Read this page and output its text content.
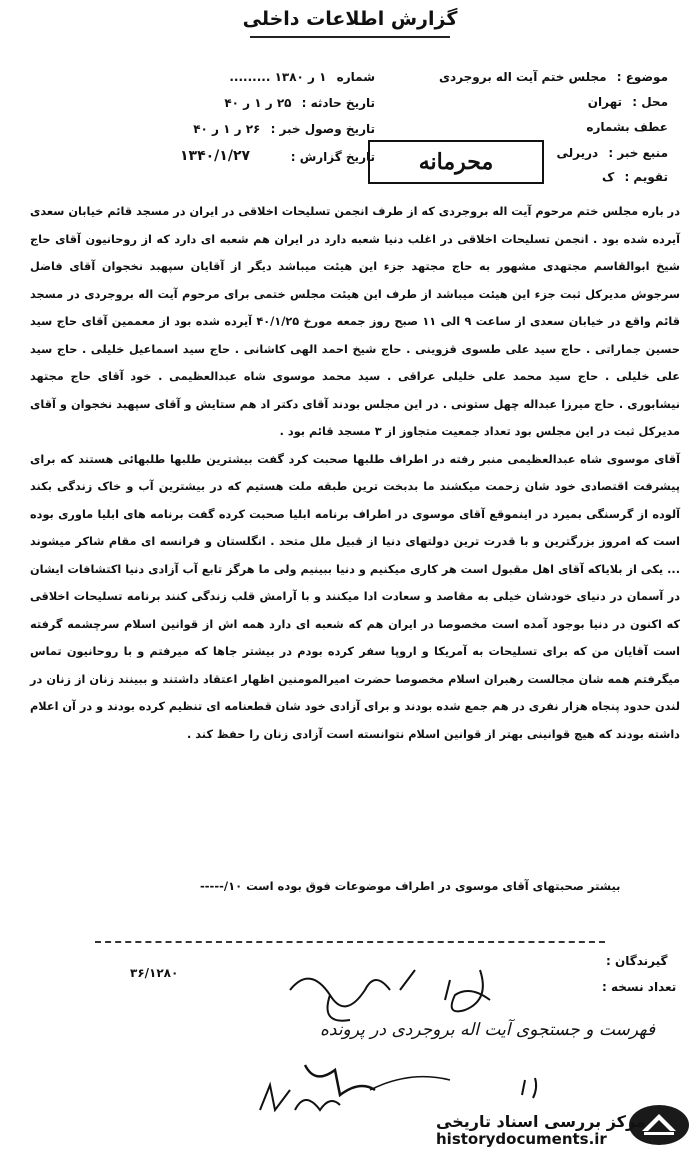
گزارش اطلاعات داخلی
موضوع : مجلس ختم آیت اله بروجردی
محل : تهران
عطف بشماره
منبع خبر : دریرلی
تقویم : ک
شماره ۱ ر ۱۳۸۰ .........
تاریخ حادثه : ۲۵ ر ۱ ر ۴۰
تاریخ وصول خبر : ۲۶ ر ۱ ر ۴۰
تاریخ گزارش :
۱۳۴۰/۱/۲۷	محرمانه

در باره مجلس ختم مرحوم آیت اله بروجردی که از طرف انجمن تسلیحات اخلاقی در ایران در مسجد قائم خیابان سعدی آیرده شده بود . انجمن تسلیحات اخلاقی در اغلب دنیا شعبه دارد در ایران هم شعبه ای دارد که از روحانیون آقای حاج شیخ ابوالقاسم مجتهدی مشهور به حاج مجتهد جزء این هیئت میباشد دیگر از آقایان سپهبد نخجوان آقای فاضل سرجوش مدیرکل ثبت جزء این هیئت میباشد از طرف این هیئت مجلس ختمی برای مرحوم آیت اله بروجردی در مسجد قائم واقع در خیابان سعدی از ساعت ۹ الی ۱۱ صبح روز جمعه مورخ ۴۰/۱/۲۵ آیرده شده بود از معممین آقای حاج سید حسین جماراتی . حاج سید علی طسوی قزوینی . حاج شیخ احمد الهی کاشانی . حاج سید اسماعیل خلیلی . حاج سید علی خلیلی . حاج سید محمد علی خلیلی عراقی . سید محمد موسوی شاه عبدالعظیمی . خود آقای حاج مجتهد نیشابوری . حاج میرزا عبداله چهل ستونی . در این مجلس بودند آقای دکتر اد هم ستایش و آقای سپهبد نخجوان و آقای مدیرکل ثبت در این مجلس بود تعداد جمعیت متجاوز از ۳ مسجد قائم بود .

آقای موسوی شاه عبدالعظیمی منبر رفته در اطراف طلبها صحبت کرد گفت بیشترین طلبها طلبهائی هستند که برای پیشرفت اقتصادی خود شان زحمت میکشند ما بدبخت ترین طبقه ملت هستیم که در بیشترین آب و خاک زندگی بکند آلوده از گرسنگی بمیرد در اینموقع آقای موسوی در اطراف برنامه ابلیا صحبت کرده گفت برنامه های ابلیا ماوری بوده است که امروز بزرگترین و با قدرت ترین دولتهای دنیا از قبیل ملل متحد . انگلستان و فرانسه ای مقام شاکر میشوند ... یکی از بلایاکه آقای اهل مقبول است هر کاری میکنیم و دنیا ببینیم ولی ما هرگز تابع آب آزادی دنیا اکتشافات ایشان در آسمان در دنیای خودشان خیلی به مقاصد و سعادت ادا میکنند و با آرامش قلب زندگی کنند برنامه تسلیحات اخلاقی که اکنون در دنیا بوجود آمده است مخصوصا در ایران هم که شعبه ای دارد همه اش از قوانین اسلام سرچشمه گرفته است آقایان من که برای تسلیحات به آمریکا و اروپا سفر کرده بودم در بیشتر جاها که میرفتم و با روحانیون تماس میگرفتم همه شان مجالست رهبران اسلام مخصوصا حضرت امیرالمومنین اظهار اعتقاد داشتند و ببینند زنان از زنان در لندن حدود پنجاه هزار نفری در هم جمع شده بودند و برای آزادی خود شان قطعنامه ای تنظیم کرده بودند و در آن اعلام داشته بودند که هیچ قوانینی بهتر از قوانین اسلام نتوانسته است آزادی زنان را حفظ کند .

بیشتر صحبتهای آقای موسوی در اطراف موضوعات فوق بوده است ۱۰/-----
گیرندگان :
تعداد نسخه :
۳۶/۱۲۸۰
فهرست و جستجوی آیت اله بروجردی در پرونده
مرکز بررسی اسناد تاریخی
historydocuments.ir
